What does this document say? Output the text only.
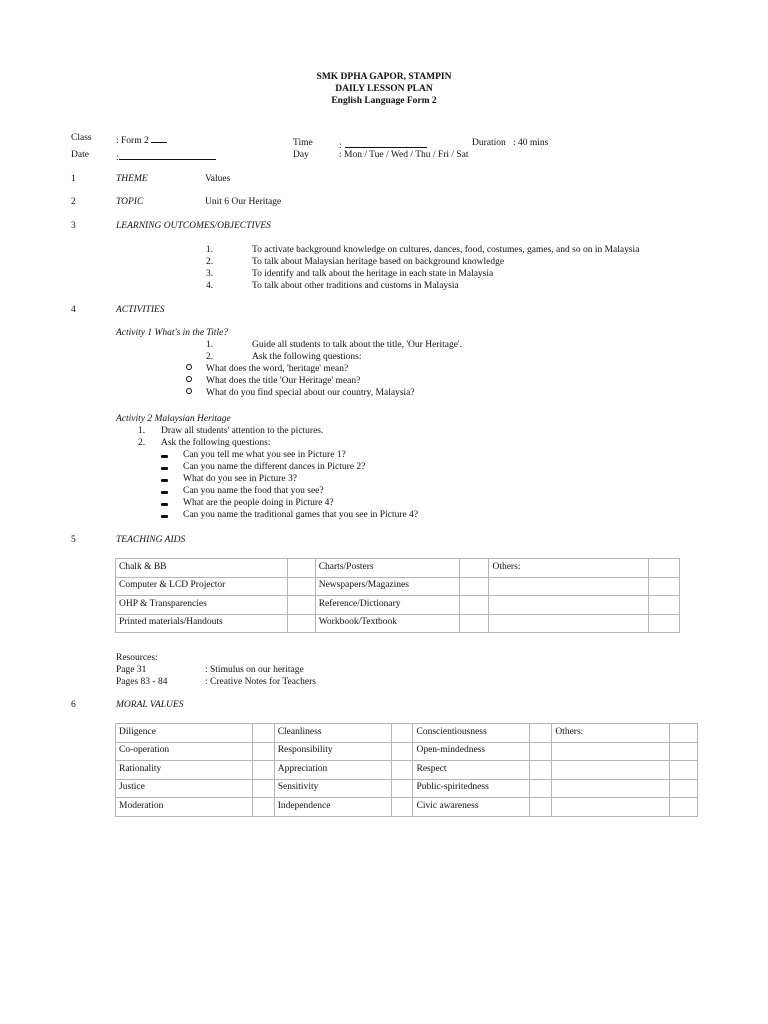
SMK DPHA GAPOR, STAMPIN
DAILY LESSON PLAN
English Language Form 2
Class	: Form 2
Date	:
Time	:	Duration : 40 mins
Day	: Mon / Tue / Wed / Thu / Fri / Sat
1	THEME	Values
2	TOPIC	Unit 6 Our Heritage
3	LEARNING OUTCOMES/OBJECTIVES
1.	To activate background knowledge on cultures, dances, food, costumes, games, and so on in Malaysia
2.	To talk about Malaysian heritage based on background knowledge
3.	To identify and talk about the heritage in each state in Malaysia
4.	To talk about other traditions and customs in Malaysia
4	ACTIVITIES
Activity 1 What's in the Title?
1.	Guide all students to talk about the title, 'Our Heritage'.
2.	Ask the following questions:
What does the word, 'heritage' mean?
What does the title 'Our Heritage' mean?
What do you find special about our country, Malaysia?
Activity 2 Malaysian Heritage
1. Draw all students' attention to the pictures.
2. Ask the following questions:
Can you tell me what you see in Picture 1?
Can you name the different dances in Picture 2?
What do you see in Picture 3?
Can you name the food that you see?
What are the people doing in Picture 4?
Can you name the traditional games that you see in Picture 4?
5	TEACHING AIDS
Chalk & BB		Charts/Posters		Others:	
Computer & LCD Projector		Newspapers/Magazines			
OHP & Transparencies		Reference/Dictionary			
Printed materials/Handouts		Workbook/Textbook			
Resources:
Page 31	: Stimulus on our heritage
Pages 83 - 84	: Creative Notes for Teachers
6	MORAL VALUES
Diligence		Cleanliness		Conscientiousness		Others:	
Co-operation		Responsibility		Open-mindedness			
Rationality		Appreciation		Respect			
Justice		Sensitivity		Public-spiritedness			
Moderation		Independence		Civic awareness			
